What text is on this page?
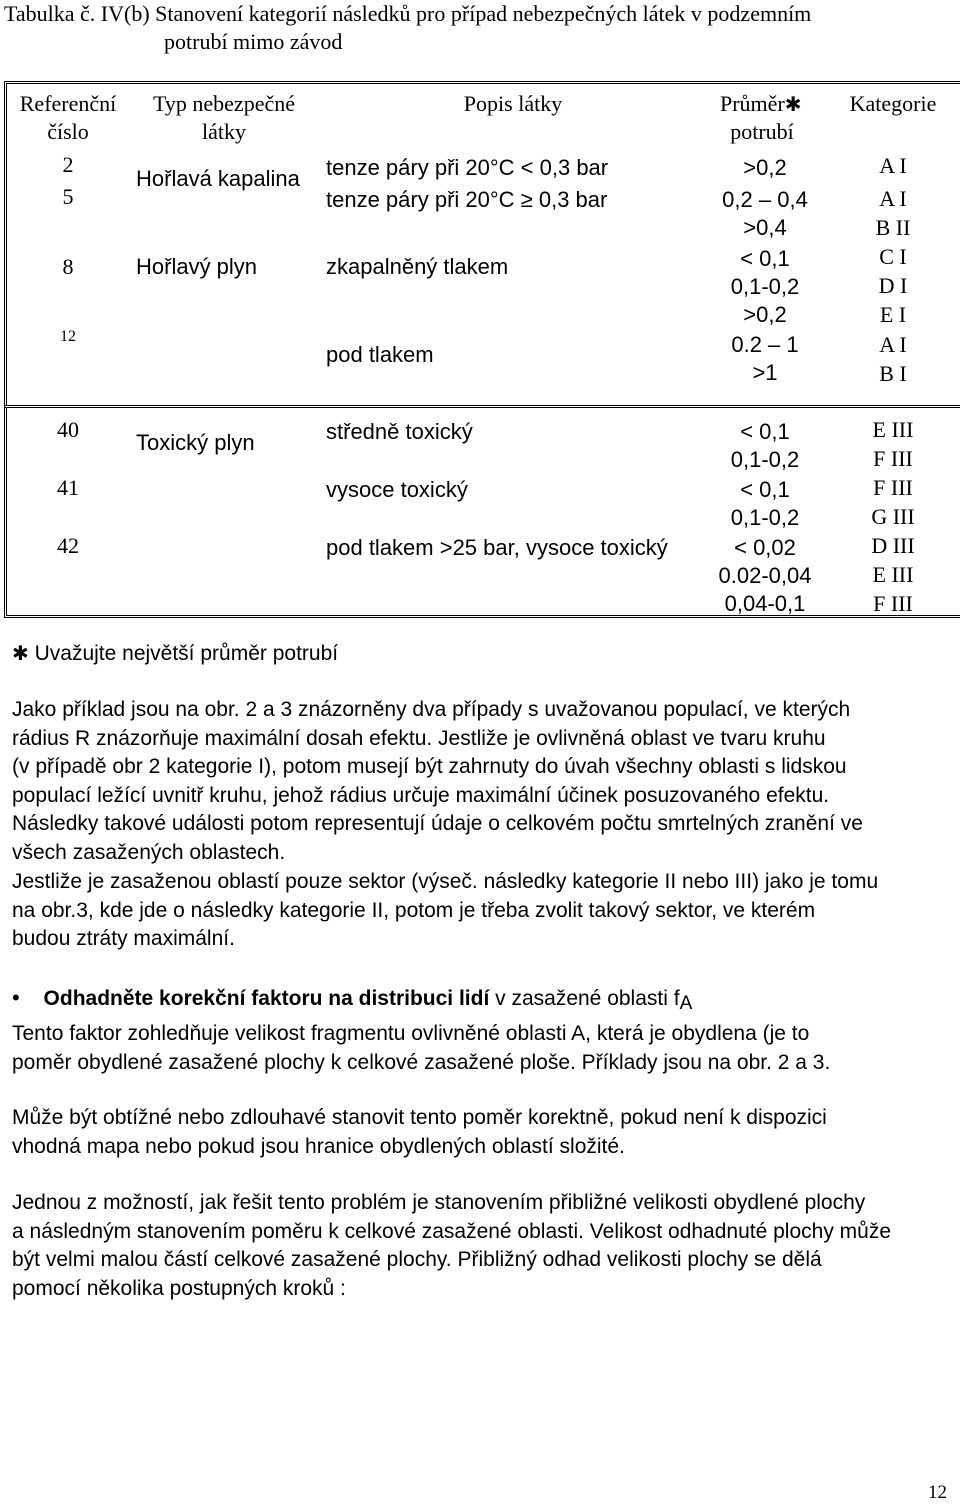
Tabulka č. IV(b) Stanovení kategorií následků pro případ nebezpečných látek v podzemním
potrubí mimo závod
Referenční
číslo
Typ nebezpečné
látky
Popis látky	Průměr✱
potrubí
Kategorie
2
5
8
12
Hořlavá kapalina
Hořlavý plyn
tenze páry při 20°C < 0,3 bar
tenze páry při 20°C ≥ 0,3 bar
zkapalněný tlakem
pod tlakem
>0,2
0,2 – 0,4
>0,4
< 0,1
0,1-0,2
>0,2
0.2 – 1
>1
A I
A I
B II
C I
D I
E I
A I
B I
40
41
42
Toxický plyn	středně toxický
vysoce toxický
pod tlakem >25 bar, vysoce toxický
< 0,1
0,1-0,2
< 0,1
0,1-0,2
< 0,02
0.02-0,04
0,04-0,1
E III
F III
F III
G III
D III
E III
F III
✱ Uvažujte největší průměr potrubí
Jako příklad jsou na obr. 2 a 3 znázorněny dva případy s uvažovanou populací, ve kterých
rádius R znázorňuje maximální dosah efektu. Jestliže je ovlivněná oblast ve tvaru kruhu
(v případě obr 2 kategorie I), potom musejí být zahrnuty do úvah všechny oblasti s lidskou
populací ležící uvnitř kruhu, jehož rádius určuje maximální účinek posuzovaného efektu.
Následky takové události potom representují údaje o celkovém počtu smrtelných zranění ve
všech zasažených oblastech.
Jestliže je zasaženou oblastí pouze sektor (výseč. následky kategorie II nebo III) jako je tomu
na obr.3, kde jde o následky kategorie II, potom je třeba zvolit takový sektor, ve kterém
budou ztráty maximální.
• Odhadněte korekční faktoru na distribuci lidí v zasažené oblasti $f_A$
Tento faktor zohledňuje velikost fragmentu ovlivněné oblasti A, která je obydlena (je to
poměr obydlené zasažené plochy k celkové zasažené ploše. Příklady jsou na obr. 2 a 3.
Může být obtížné nebo zdlouhavé stanovit tento poměr korektně, pokud není k dispozici
vhodná mapa nebo pokud jsou hranice obydlených oblastí složité.
Jednou z možností, jak řešit tento problém je stanovením přibližné velikosti obydlené plochy
a následným stanovením poměru k celkové zasažené oblasti. Velikost odhadnuté plochy může
být velmi malou částí celkové zasažené plochy. Přibližný odhad velikosti plochy se dělá
pomocí několika postupných kroků :
12
